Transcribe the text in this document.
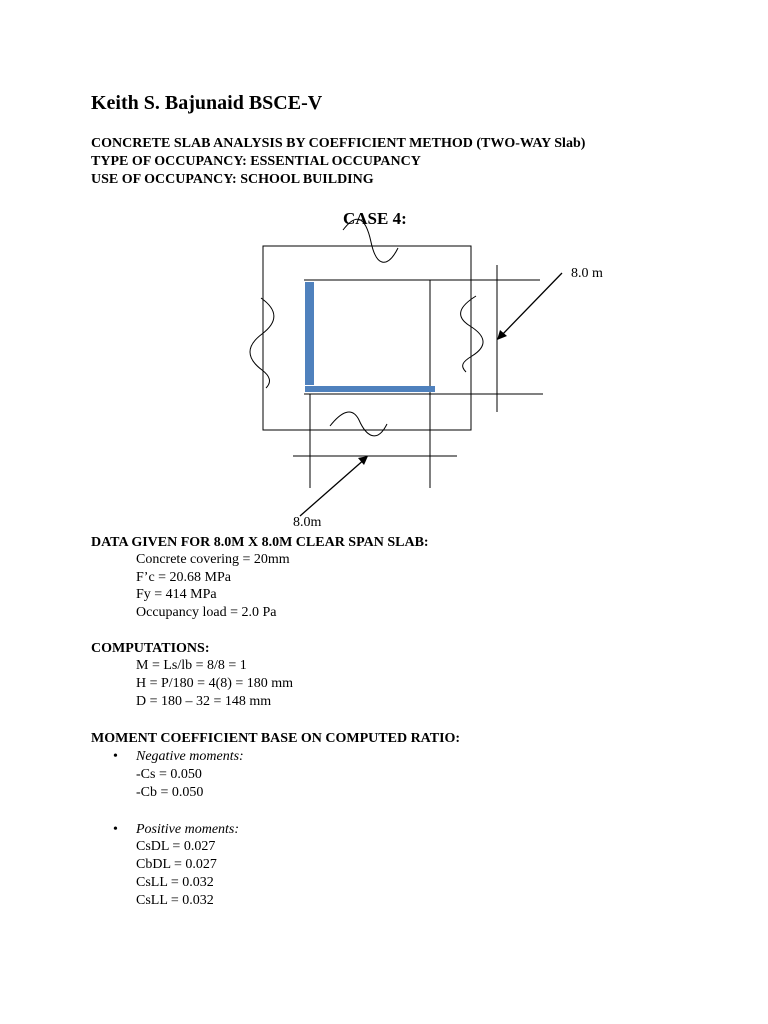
Keith S. Bajunaid BSCE-V
CONCRETE SLAB ANALYSIS BY COEFFICIENT METHOD (TWO-WAY Slab)
TYPE OF OCCUPANCY: ESSENTIAL OCCUPANCY
USE OF OCCUPANCY: SCHOOL BUILDING
CASE 4:
8.0 m
8.0m
DATA GIVEN FOR 8.0M X 8.0M CLEAR SPAN SLAB:
Concrete covering = 20mm
F’c = 20.68 MPa
Fy = 414 MPa
Occupancy load = 2.0 Pa
COMPUTATIONS:
M = Ls/lb = 8/8 = 1
H = P/180 = 4(8) = 180 mm
D = 180 – 32 = 148 mm
MOMENT COEFFICIENT BASE ON COMPUTED RATIO:
• Negative moments:
-Cs = 0.050
-Cb = 0.050
• Positive moments:
CsDL = 0.027
CbDL = 0.027
CsLL = 0.032
CsLL = 0.032
